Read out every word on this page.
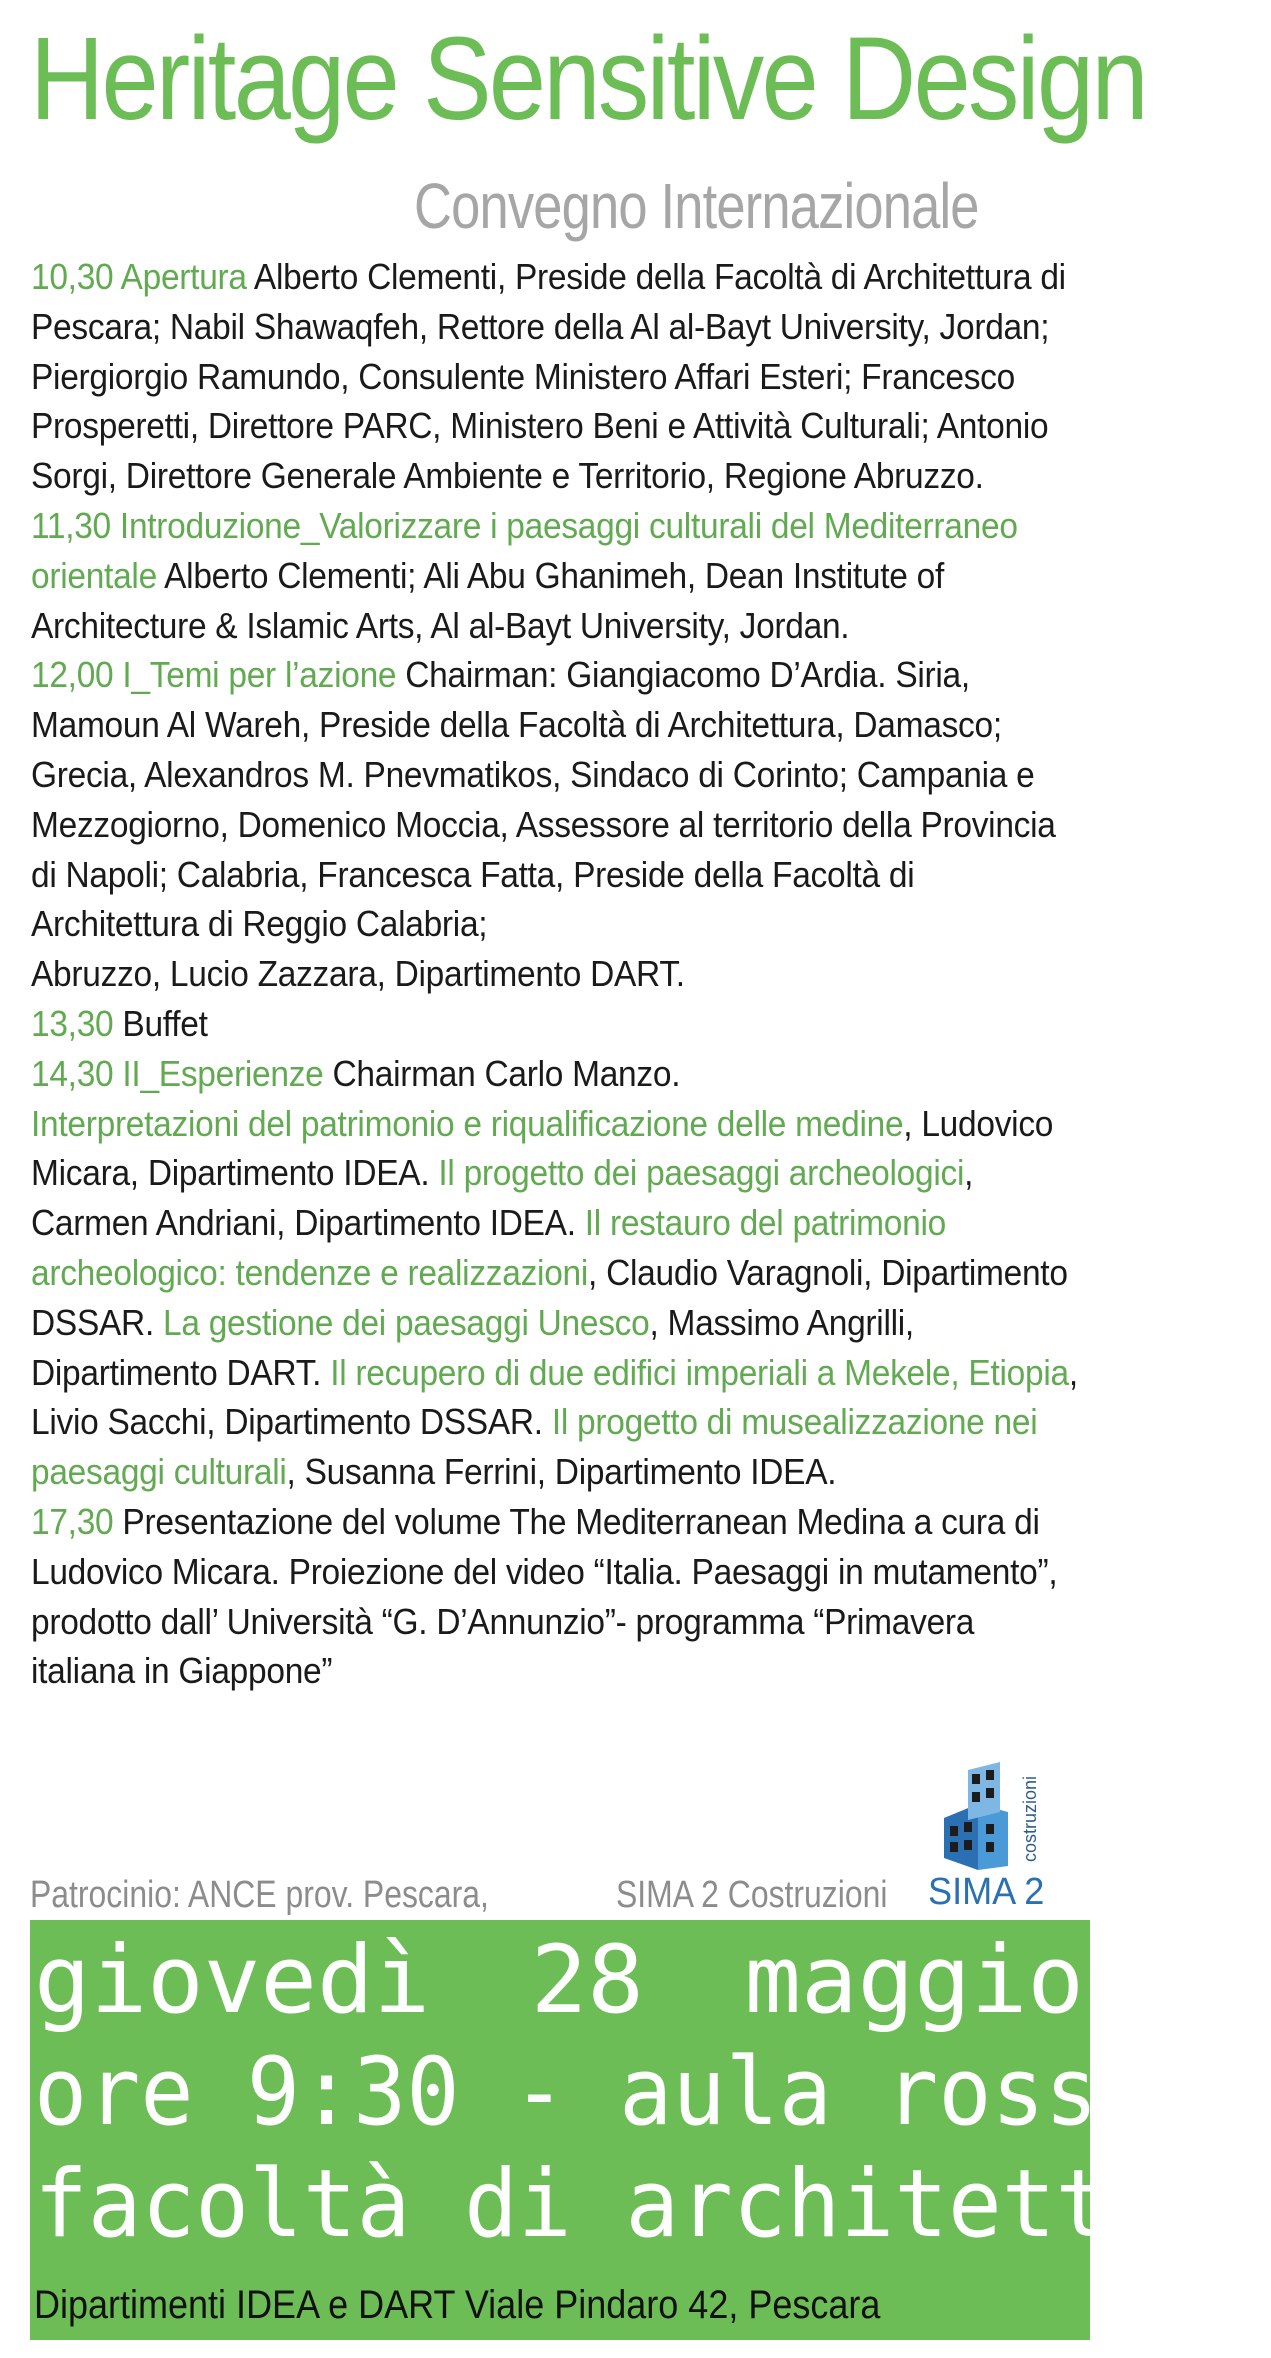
Heritage Sensitive Design
Convegno Internazionale

10,30 Apertura Alberto Clementi, Preside della Facoltà di Architettura di Pescara; Nabil Shawaqfeh, Rettore della Al al-Bayt University, Jordan; Piergiorgio Ramundo, Consulente Ministero Affari Esteri; Francesco Prosperetti, Direttore PARC, Ministero Beni e Attività Culturali; Antonio Sorgi, Direttore Generale Ambiente e Territorio, Regione Abruzzo.

11,30 Introduzione_Valorizzare i paesaggi culturali del Mediterraneo orientale Alberto Clementi; Ali Abu Ghanimeh, Dean Institute of Architecture & Islamic Arts, Al al-Bayt University, Jordan.

12,00 I_Temi per l’azione Chairman: Giangiacomo D’Ardia. Siria, Mamoun Al Wareh, Preside della Facoltà di Architettura, Damasco; Grecia, Alexandros M. Pnevmatikos, Sindaco di Corinto; Campania e Mezzogiorno, Domenico Moccia, Assessore al territorio della Provincia di Napoli; Calabria, Francesca Fatta, Preside della Facoltà di Architettura di Reggio Calabria;

Abruzzo, Lucio Zazzara, Dipartimento DART.

13,30 Buffet

14,30 II_Esperienze Chairman Carlo Manzo.

Interpretazioni del patrimonio e riqualificazione delle medine, Ludovico Micara, Dipartimento IDEA. Il progetto dei paesaggi archeologici, Carmen Andriani, Dipartimento IDEA. Il restauro del patrimonio archeologico: tendenze e realizzazioni, Claudio Varagnoli, Dipartimento DSSAR. La gestione dei paesaggi Unesco, Massimo Angrilli, Dipartimento DART. Il recupero di due edifici imperiali a Mekele, Etiopia, Livio Sacchi, Dipartimento DSSAR. Il progetto di musealizzazione nei paesaggi culturali, Susanna Ferrini, Dipartimento IDEA.

17,30 Presentazione del volume The Mediterranean Medina a cura di Ludovico Micara. Proiezione del video “Italia. Paesaggi in mutamento”, prodotto dall’ Università “G. D’Annunzio”- programma “Primavera italiana in Giappone”

Patrocinio: ANCE prov. Pescara,	SIMA 2 Costruzioni
costruzioni
SIMA 2
giovedì 28 maggio
ore 9:30 - aula rossa
facoltà di architettura
Dipartimenti IDEA e DART Viale Pindaro 42, Pescara
